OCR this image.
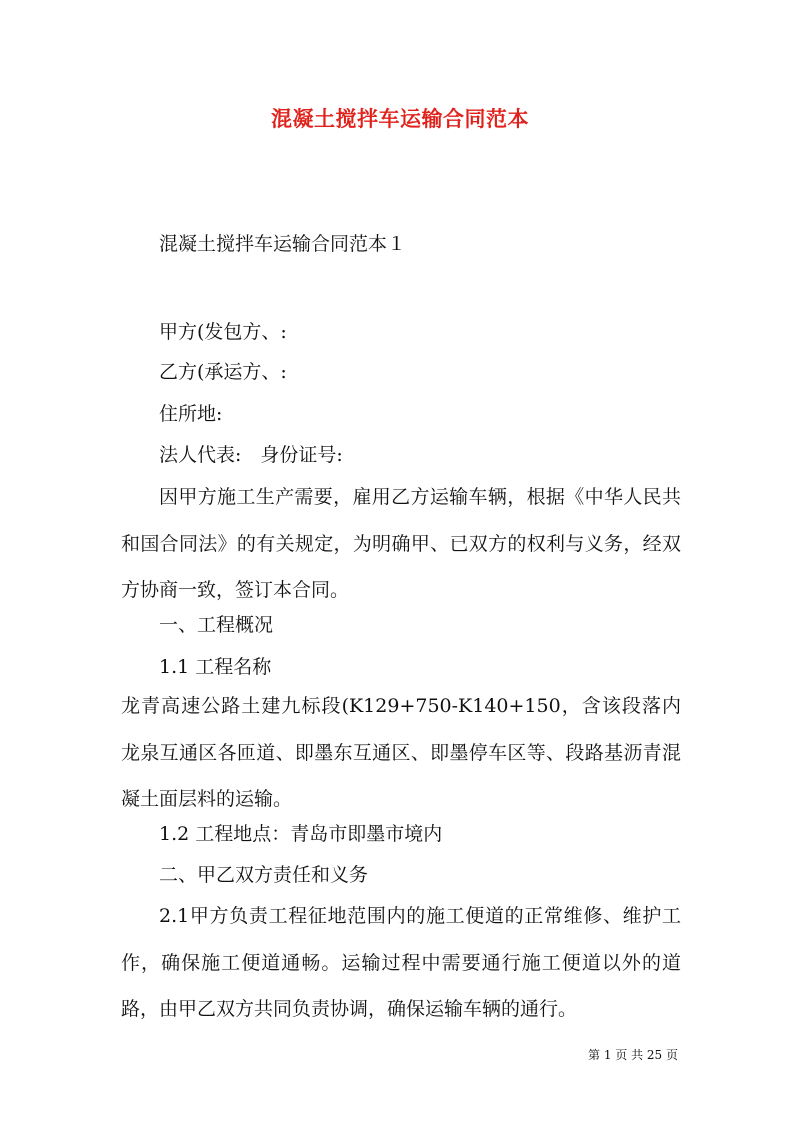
混凝土搅拌车运输合同范本
混凝土搅拌车运输合同范本１
甲方(发包方、:
乙方(承运方、:
住所地:
法人代表:　身份证号:
因甲方施工生产需要，雇用乙方运输车辆，根据《中华人民共和国合同法》的有关规定，为明确甲、已双方的权利与义务，经双方协商一致，签订本合同。
一、工程概况
1.1 工程名称
龙青高速公路土建九标段(K129+750-K140+150，含该段落内龙泉互通区各匝道、即墨东互通区、即墨停车区等、段路基沥青混凝土面层料的运输。
1.2 工程地点：青岛市即墨市境内
二、甲乙双方责任和义务
2.1甲方负责工程征地范围内的施工便道的正常维修、维护工作，确保施工便道通畅。运输过程中需要通行施工便道以外的道路，由甲乙双方共同负责协调，确保运输车辆的通行。
第 1 页 共 25 页
